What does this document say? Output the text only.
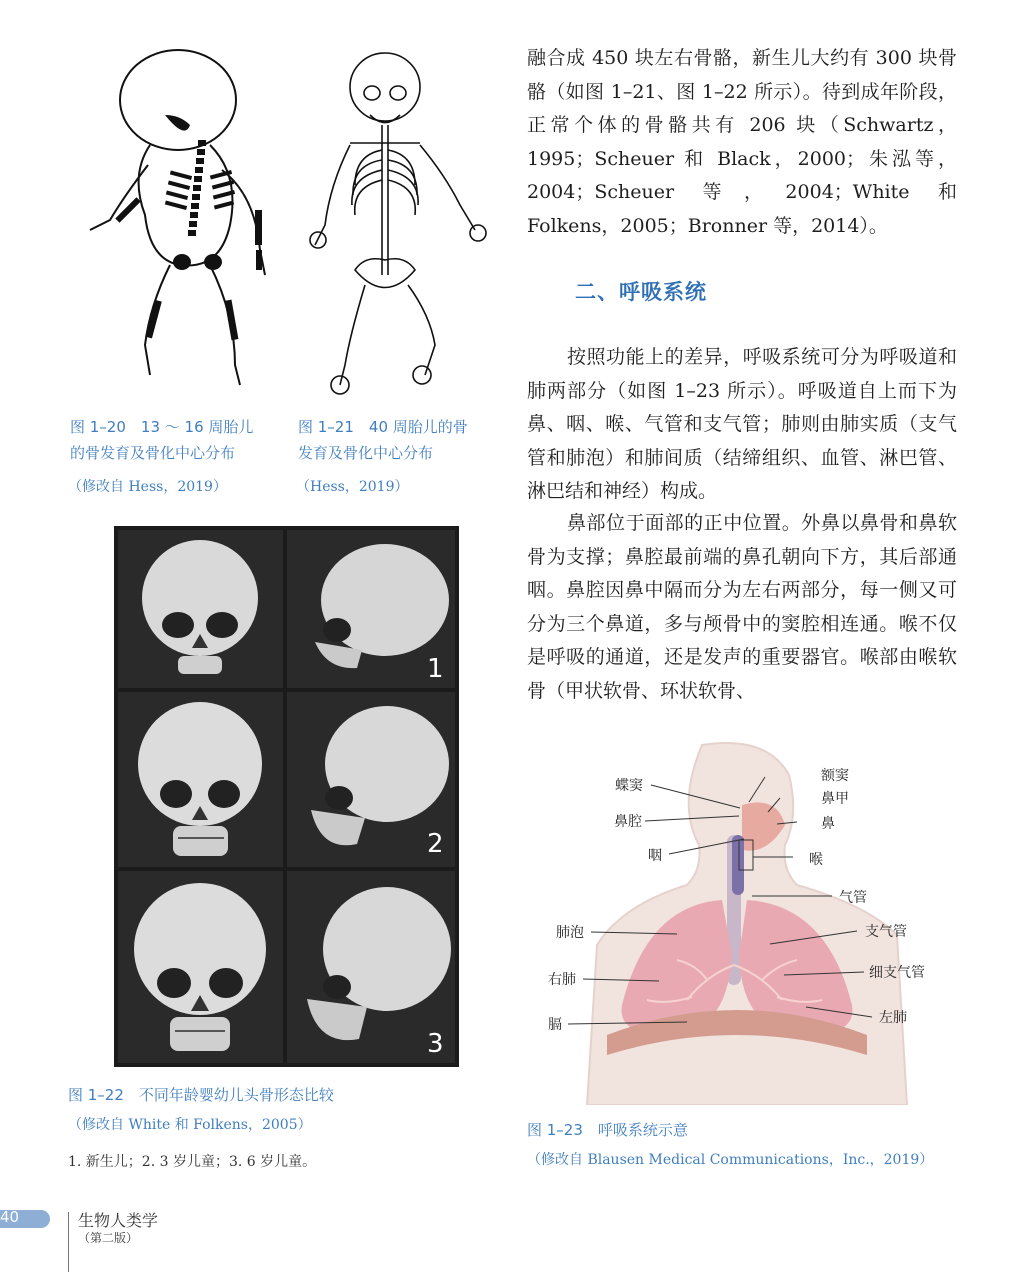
融合成 450 块左右骨骼，新生儿大约有 300 块骨骼（如图 1–21、图 1–22 所示）。待到成年阶段，正常个体的骨骼共有 206 块（Schwartz，1995；Scheuer 和 Black，2000；朱泓等，2004；Scheuer 等，2004；White 和 Folkens，2005；Bronner 等，2014）。

二、呼吸系统

按照功能上的差异，呼吸系统可分为呼吸道和肺两部分（如图 1–23 所示）。呼吸道自上而下为鼻、咽、喉、气管和支气管；肺则由肺实质（支气管和肺泡）和肺间质（结缔组织、血管、淋巴管、淋巴结和神经）构成。

鼻部位于面部的正中位置。外鼻以鼻骨和鼻软骨为支撑；鼻腔最前端的鼻孔朝向下方，其后部通咽。鼻腔因鼻中隔而分为左右两部分，每一侧又可分为三个鼻道，多与颅骨中的窦腔相连通。喉不仅是呼吸的通道，还是发声的重要器官。喉部由喉软骨（甲状软骨、环状软骨、

图 1–20　13 ～ 16 周胎儿
的骨发育及骨化中心分布
（修改自 Hess，2019）
图 1–21　40 周胎儿的骨
发育及骨化中心分布
（Hess，2019）
1
2
3
图 1–22　不同年龄婴幼儿头骨形态比较
（修改自 White 和 Folkens，2005）
1. 新生儿；2. 3 岁儿童；3. 6 岁儿童。
蝶窦
额窦
鼻甲
鼻腔	鼻
咽	喉
气管
肺泡	支气管
右肺	细支气管
膈	左肺
图 1–23　呼吸系统示意
（修改自 Blausen Medical Communications，Inc.，2019）
40	生物人类学
（第二版）
